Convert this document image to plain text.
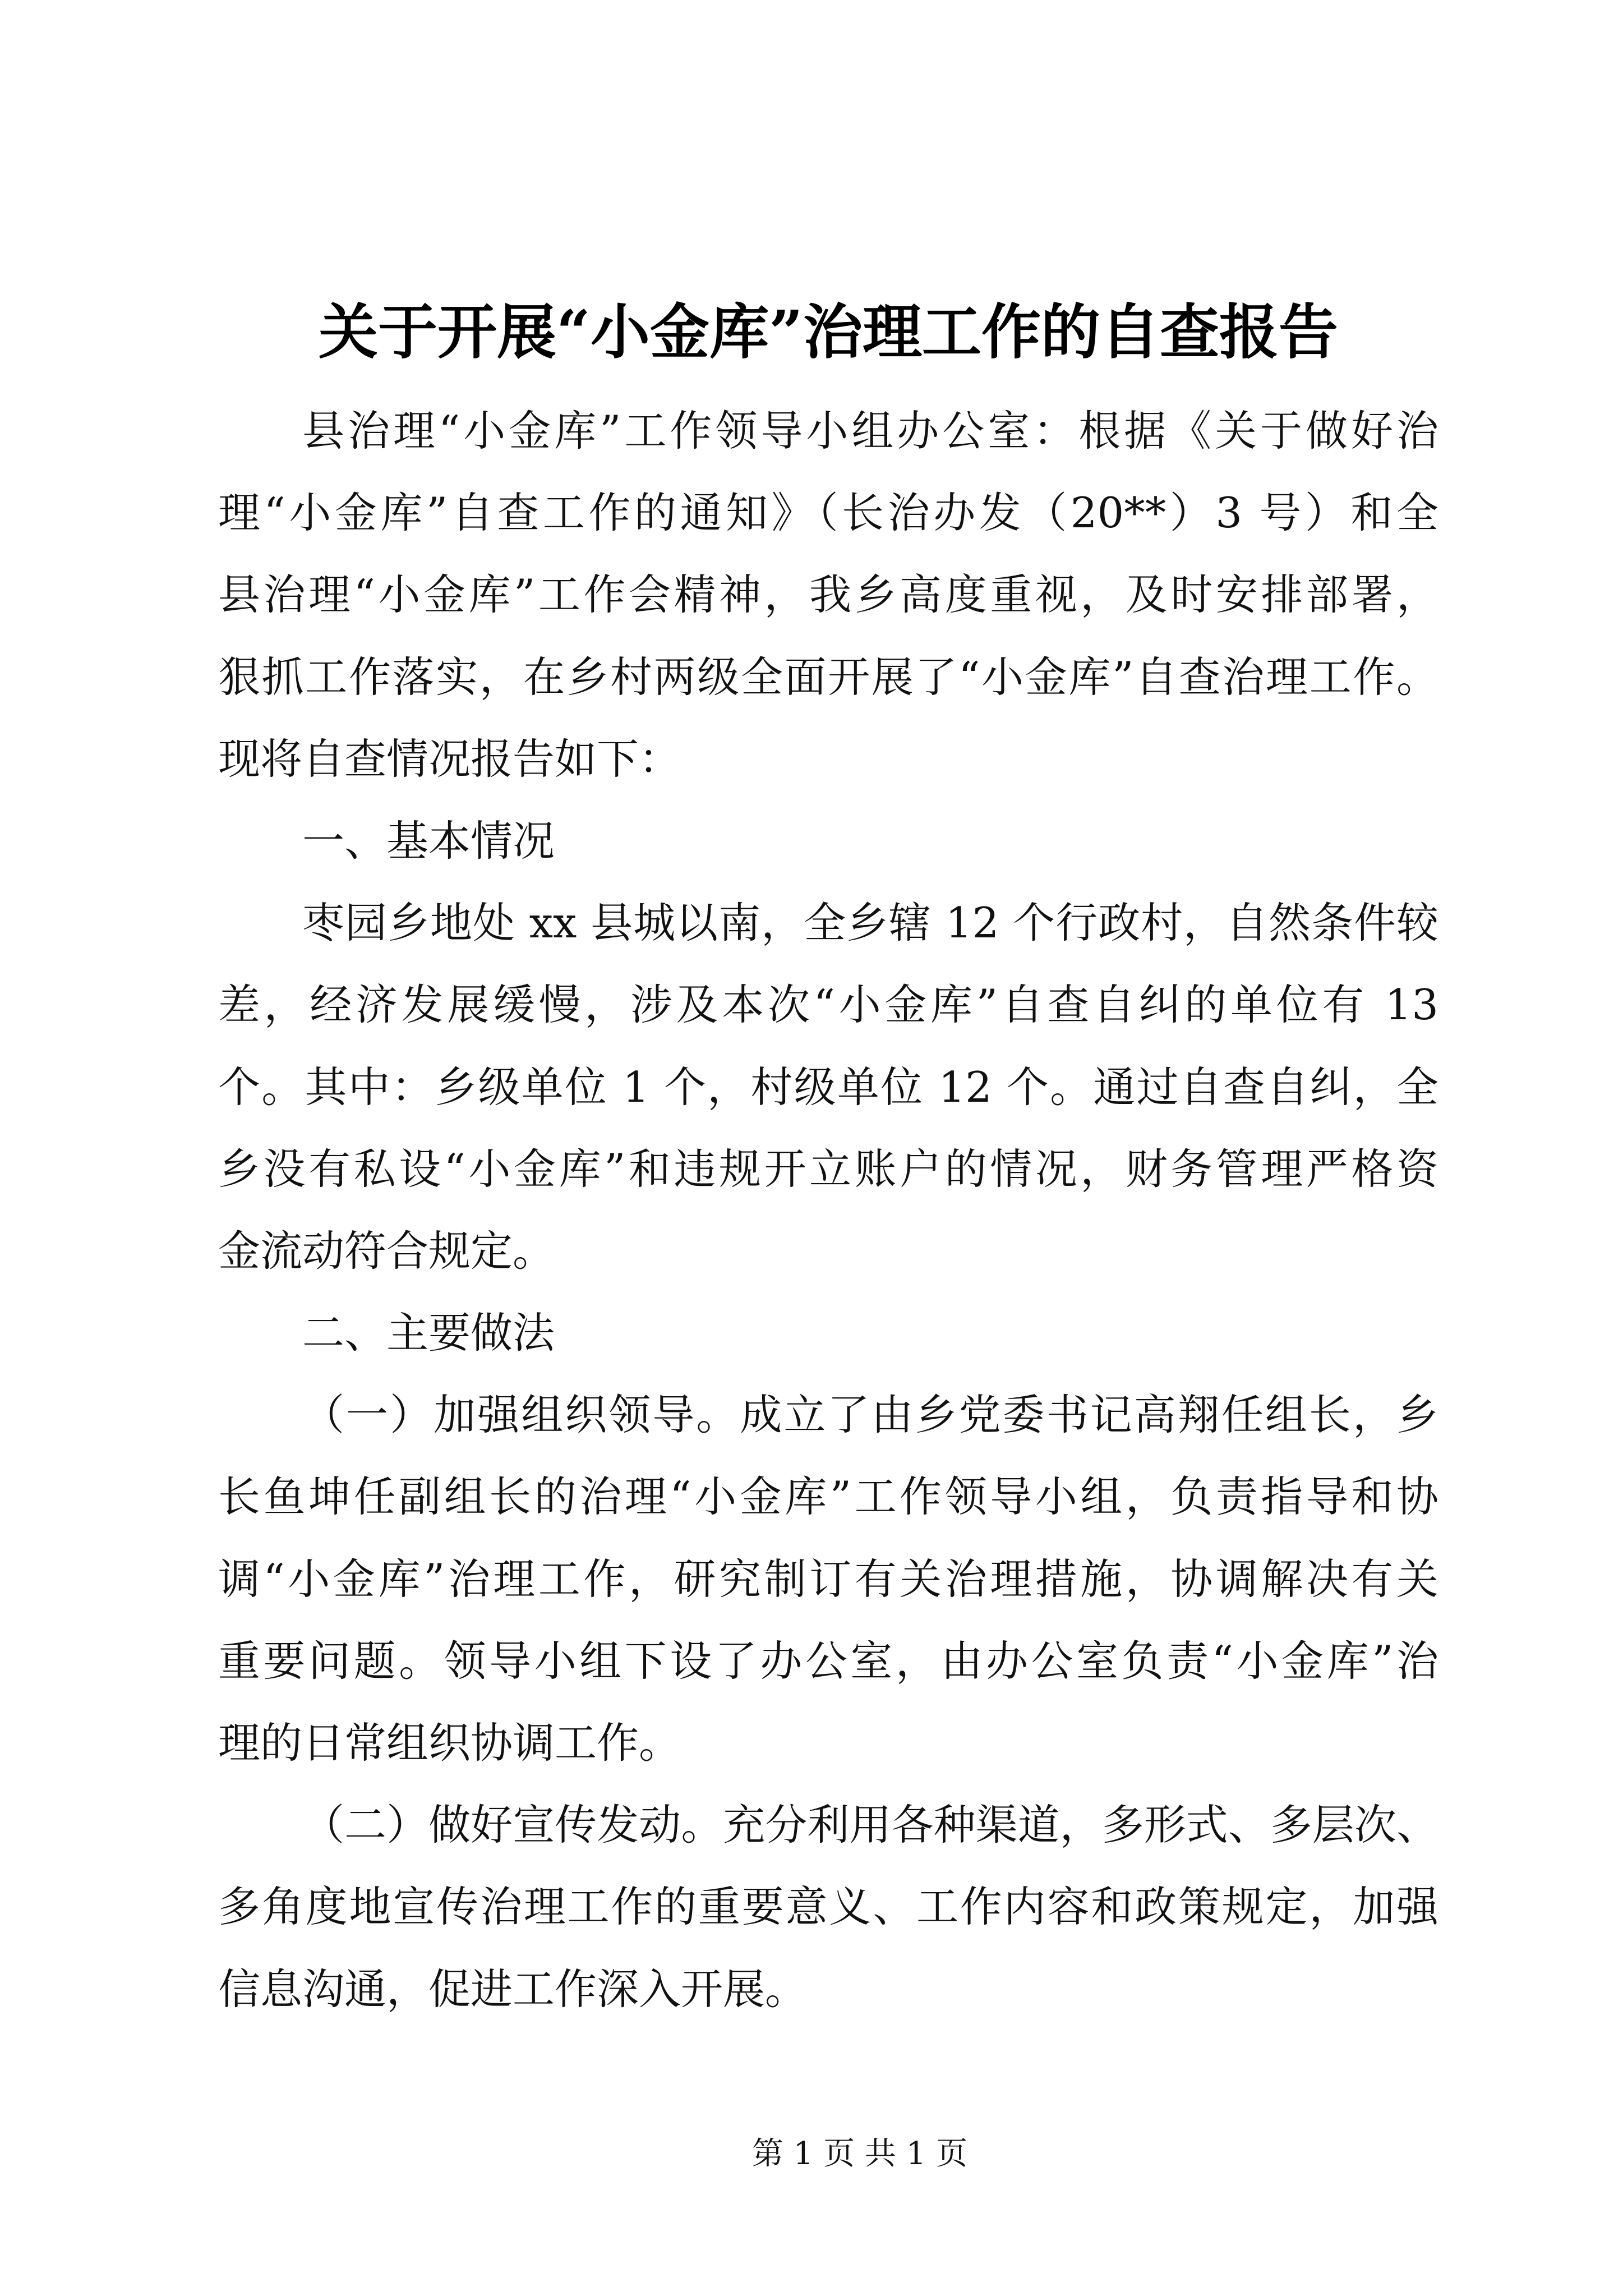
关于开展“小金库”治理工作的自查报告
县治理“小金库”工作领导小组办公室：根据《关于做好治
理“小金库”自查工作的通知》（长治办发（20**）3 号）和全
县治理“小金库”工作会精神，我乡高度重视，及时安排部署，
狠抓工作落实，在乡村两级全面开展了“小金库”自查治理工作。
现将自查情况报告如下：
一、基本情况
枣园乡地处 xx 县城以南，全乡辖 12 个行政村，自然条件较
差，经济发展缓慢，涉及本次“小金库”自查自纠的单位有 13
个。其中：乡级单位 1 个，村级单位 12 个。通过自查自纠，全
乡没有私设“小金库”和违规开立账户的情况，财务管理严格资
金流动符合规定。
二、主要做法
（一）加强组织领导。成立了由乡党委书记高翔任组长，乡
长鱼坤任副组长的治理“小金库”工作领导小组，负责指导和协
调“小金库”治理工作，研究制订有关治理措施，协调解决有关
重要问题。领导小组下设了办公室，由办公室负责“小金库”治
理的日常组织协调工作。
（二）做好宣传发动。充分利用各种渠道，多形式、多层次、
多角度地宣传治理工作的重要意义、工作内容和政策规定，加强
信息沟通，促进工作深入开展。
第 1 页 共 1 页
